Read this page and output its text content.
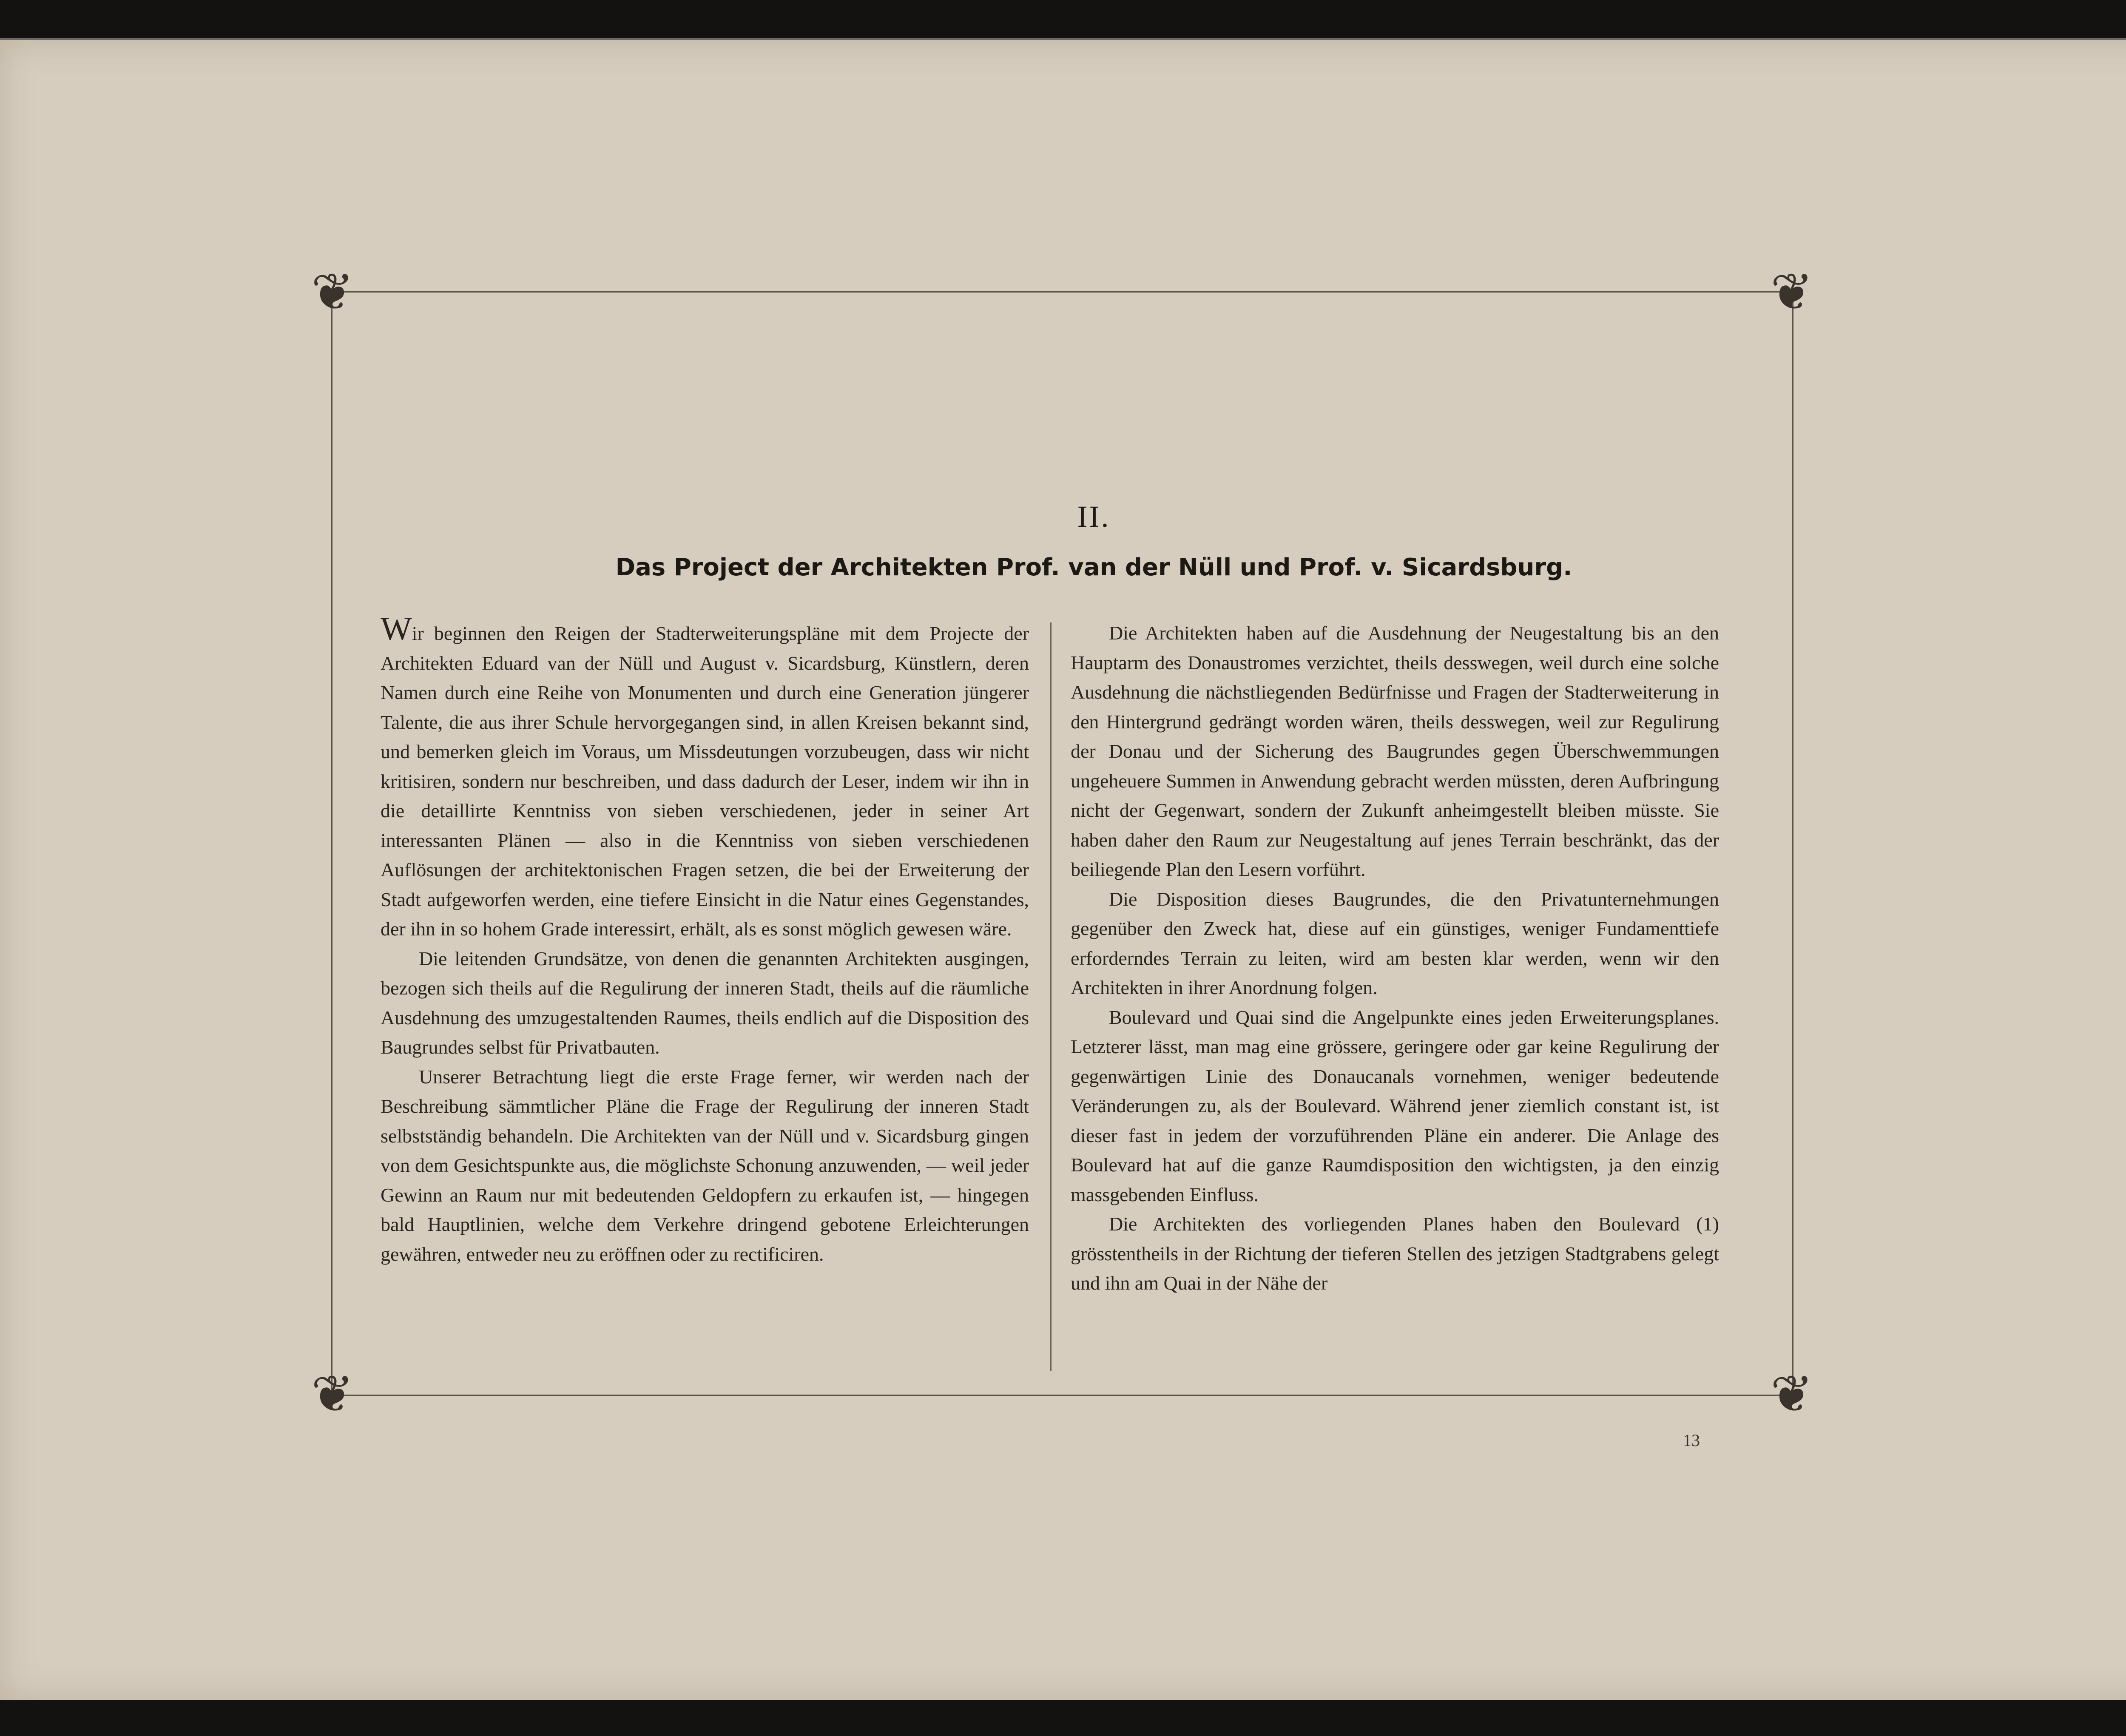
❦	❦
❦	❦
II.
Das Project der Architekten Prof. van der Nüll und Prof. v. Sicardsburg.

Wir beginnen den Reigen der Stadterweiterungspläne mit dem Projecte der Architekten Eduard van der Nüll und August v. Sicardsburg, Künstlern, deren Namen durch eine Reihe von Monumenten und durch eine Generation jüngerer Talente, die aus ihrer Schule hervorgegangen sind, in allen Kreisen bekannt sind, und bemerken gleich im Voraus, um Missdeutungen vorzubeugen, dass wir nicht kritisiren, sondern nur beschreiben, und dass dadurch der Leser, indem wir ihn in die detaillirte Kenntniss von sieben verschiedenen, jeder in seiner Art interessanten Plänen — also in die Kenntniss von sieben verschiedenen Auflösungen der architektonischen Fragen setzen, die bei der Erweiterung der Stadt aufgeworfen werden, eine tiefere Einsicht in die Natur eines Gegenstandes, der ihn in so hohem Grade interessirt, erhält, als es sonst möglich gewesen wäre.

Die leitenden Grundsätze, von denen die genannten Architekten ausgingen, bezogen sich theils auf die Regulirung der inneren Stadt, theils auf die räumliche Ausdehnung des umzugestaltenden Raumes, theils endlich auf die Disposition des Baugrundes selbst für Privatbauten.

Unserer Betrachtung liegt die erste Frage ferner, wir werden nach der Beschreibung sämmtlicher Pläne die Frage der Regulirung der inneren Stadt selbstständig behandeln. Die Architekten van der Nüll und v. Sicardsburg gingen von dem Gesichtspunkte aus, die möglichste Schonung anzuwenden, — weil jeder Gewinn an Raum nur mit bedeutenden Geldopfern zu erkaufen ist, — hingegen bald Hauptlinien, welche dem Verkehre dringend gebotene Erleichterungen gewähren, entweder neu zu eröffnen oder zu rectificiren.

Die Architekten haben auf die Ausdehnung der Neugestaltung bis an den Hauptarm des Donaustromes verzichtet, theils desswegen, weil durch eine solche Ausdehnung die nächstliegenden Bedürfnisse und Fragen der Stadterweiterung in den Hintergrund gedrängt worden wären, theils desswegen, weil zur Regulirung der Donau und der Sicherung des Baugrundes gegen Überschwemmungen ungeheuere Summen in Anwendung gebracht werden müssten, deren Aufbringung nicht der Gegenwart, sondern der Zukunft anheimgestellt bleiben müsste. Sie haben daher den Raum zur Neugestaltung auf jenes Terrain beschränkt, das der beiliegende Plan den Lesern vorführt.

Die Disposition dieses Baugrundes, die den Privatunternehmungen gegenüber den Zweck hat, diese auf ein günstiges, weniger Fundamenttiefe erforderndes Terrain zu leiten, wird am besten klar werden, wenn wir den Architekten in ihrer Anordnung folgen.

Boulevard und Quai sind die Angelpunkte eines jeden Erweiterungsplanes. Letzterer lässt, man mag eine grössere, geringere oder gar keine Regulirung der gegenwärtigen Linie des Donaucanals vornehmen, weniger bedeutende Veränderungen zu, als der Boulevard. Während jener ziemlich constant ist, ist dieser fast in jedem der vorzuführenden Pläne ein anderer. Die Anlage des Boulevard hat auf die ganze Raumdisposition den wichtigsten, ja den einzig massgebenden Einfluss.

Die Architekten des vorliegenden Planes haben den Boulevard (1) grösstentheils in der Richtung der tieferen Stellen des jetzigen Stadtgrabens gelegt und ihn am Quai in der Nähe der

13
